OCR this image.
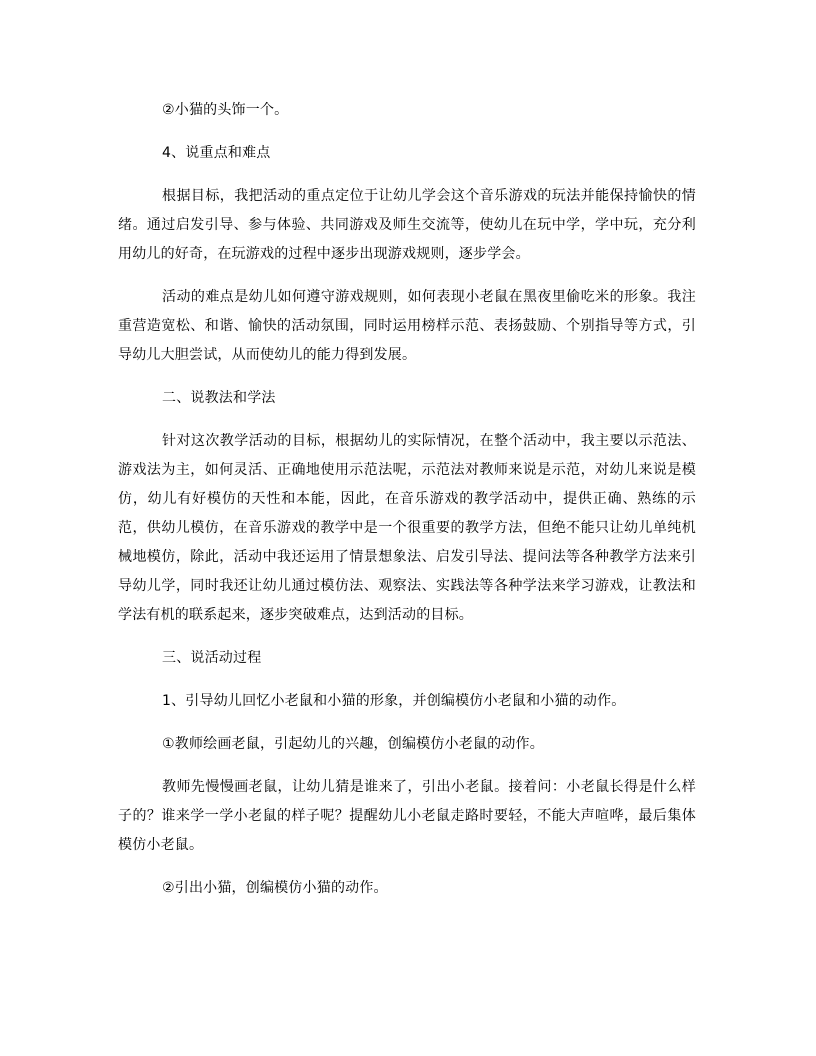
②小猫的头饰一个。

4、说重点和难点

根据目标，我把活动的重点定位于让幼儿学会这个音乐游戏的玩法并能保持愉快的情绪。通过启发引导、参与体验、共同游戏及师生交流等，使幼儿在玩中学，学中玩，充分利用幼儿的好奇，在玩游戏的过程中逐步出现游戏规则，逐步学会。

活动的难点是幼儿如何遵守游戏规则，如何表现小老鼠在黑夜里偷吃米的形象。我注重营造宽松、和谐、愉快的活动氛围，同时运用榜样示范、表扬鼓励、个别指导等方式，引导幼儿大胆尝试，从而使幼儿的能力得到发展。

二、说教法和学法

针对这次教学活动的目标，根据幼儿的实际情况，在整个活动中，我主要以示范法、游戏法为主，如何灵活、正确地使用示范法呢，示范法对教师来说是示范，对幼儿来说是模仿，幼儿有好模仿的天性和本能，因此，在音乐游戏的教学活动中，提供正确、熟练的示范，供幼儿模仿，在音乐游戏的教学中是一个很重要的教学方法，但绝不能只让幼儿单纯机械地模仿，除此，活动中我还运用了情景想象法、启发引导法、提问法等各种教学方法来引导幼儿学，同时我还让幼儿通过模仿法、观察法、实践法等各种学法来学习游戏，让教法和学法有机的联系起来，逐步突破难点，达到活动的目标。

三、说活动过程

1、引导幼儿回忆小老鼠和小猫的形象，并创编模仿小老鼠和小猫的动作。

①教师绘画老鼠，引起幼儿的兴趣，创编模仿小老鼠的动作。

教师先慢慢画老鼠，让幼儿猜是谁来了，引出小老鼠。接着问：小老鼠长得是什么样子的？谁来学一学小老鼠的样子呢？提醒幼儿小老鼠走路时要轻，不能大声喧哗，最后集体模仿小老鼠。

②引出小猫，创编模仿小猫的动作。
